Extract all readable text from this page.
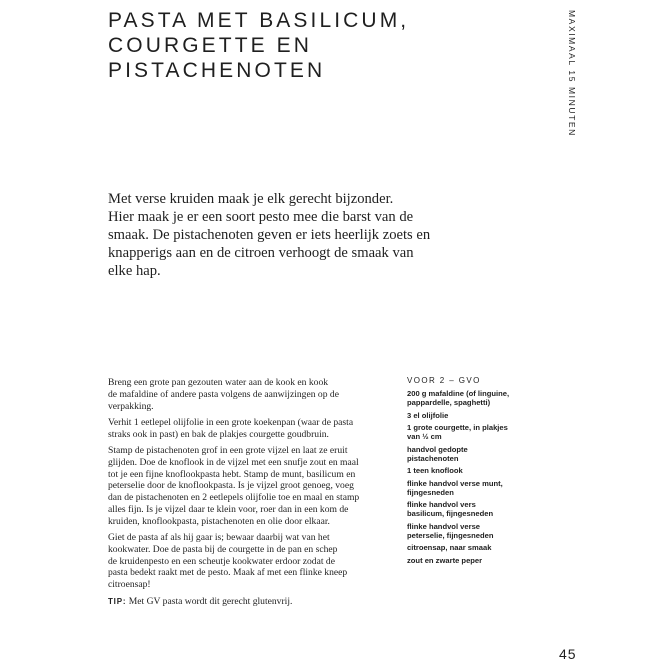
PASTA MET BASILICUM,
COURGETTE EN
PISTACHENOTEN	MAXIMAAL 15 MINUTEN

Met verse kruiden maak je elk gerecht bijzonder.
Hier maak je er een soort pesto mee die barst van de
smaak. De pistachenoten geven er iets heerlijk zoets en
knapperigs aan en de citroen verhoogt de smaak van
elke hap.

Breng een grote pan gezouten water aan de kook en kook
de mafaldine of andere pasta volgens de aanwijzingen op de
verpakking.

Verhit 1 eetlepel olijfolie in een grote koekenpan (waar de pasta
straks ook in past) en bak de plakjes courgette goudbruin.

Stamp de pistachenoten grof in een grote vijzel en laat ze eruit
glijden. Doe de knoflook in de vijzel met een snufje zout en maal
tot je een fijne knoflookpasta hebt. Stamp de munt, basilicum en
peterselie door de knoflookpasta. Is je vijzel groot genoeg, voeg
dan de pistachenoten en 2 eetlepels olijfolie toe en maal en stamp
alles fijn. Is je vijzel daar te klein voor, roer dan in een kom de
kruiden, knoflookpasta, pistachenoten en olie door elkaar.

Giet de pasta af als hij gaar is; bewaar daarbij wat van het
kookwater. Doe de pasta bij de courgette in de pan en schep
de kruidenpesto en een scheutje kookwater erdoor zodat de
pasta bedekt raakt met de pesto. Maak af met een flinke kneep
citroensap!

TIP: Met GV pasta wordt dit gerecht glutenvrij.

VOOR 2 – GVO
200 g mafaldine (of linguine,
pappardelle, spaghetti)
3 el olijfolie
1 grote courgette, in plakjes
van ½ cm
handvol gedopte
pistachenoten
1 teen knoflook
flinke handvol verse munt,
fijngesneden
flinke handvol vers
basilicum, fijngesneden
flinke handvol verse
peterselie, fijngesneden
citroensap, naar smaak
zout en zwarte peper
45
